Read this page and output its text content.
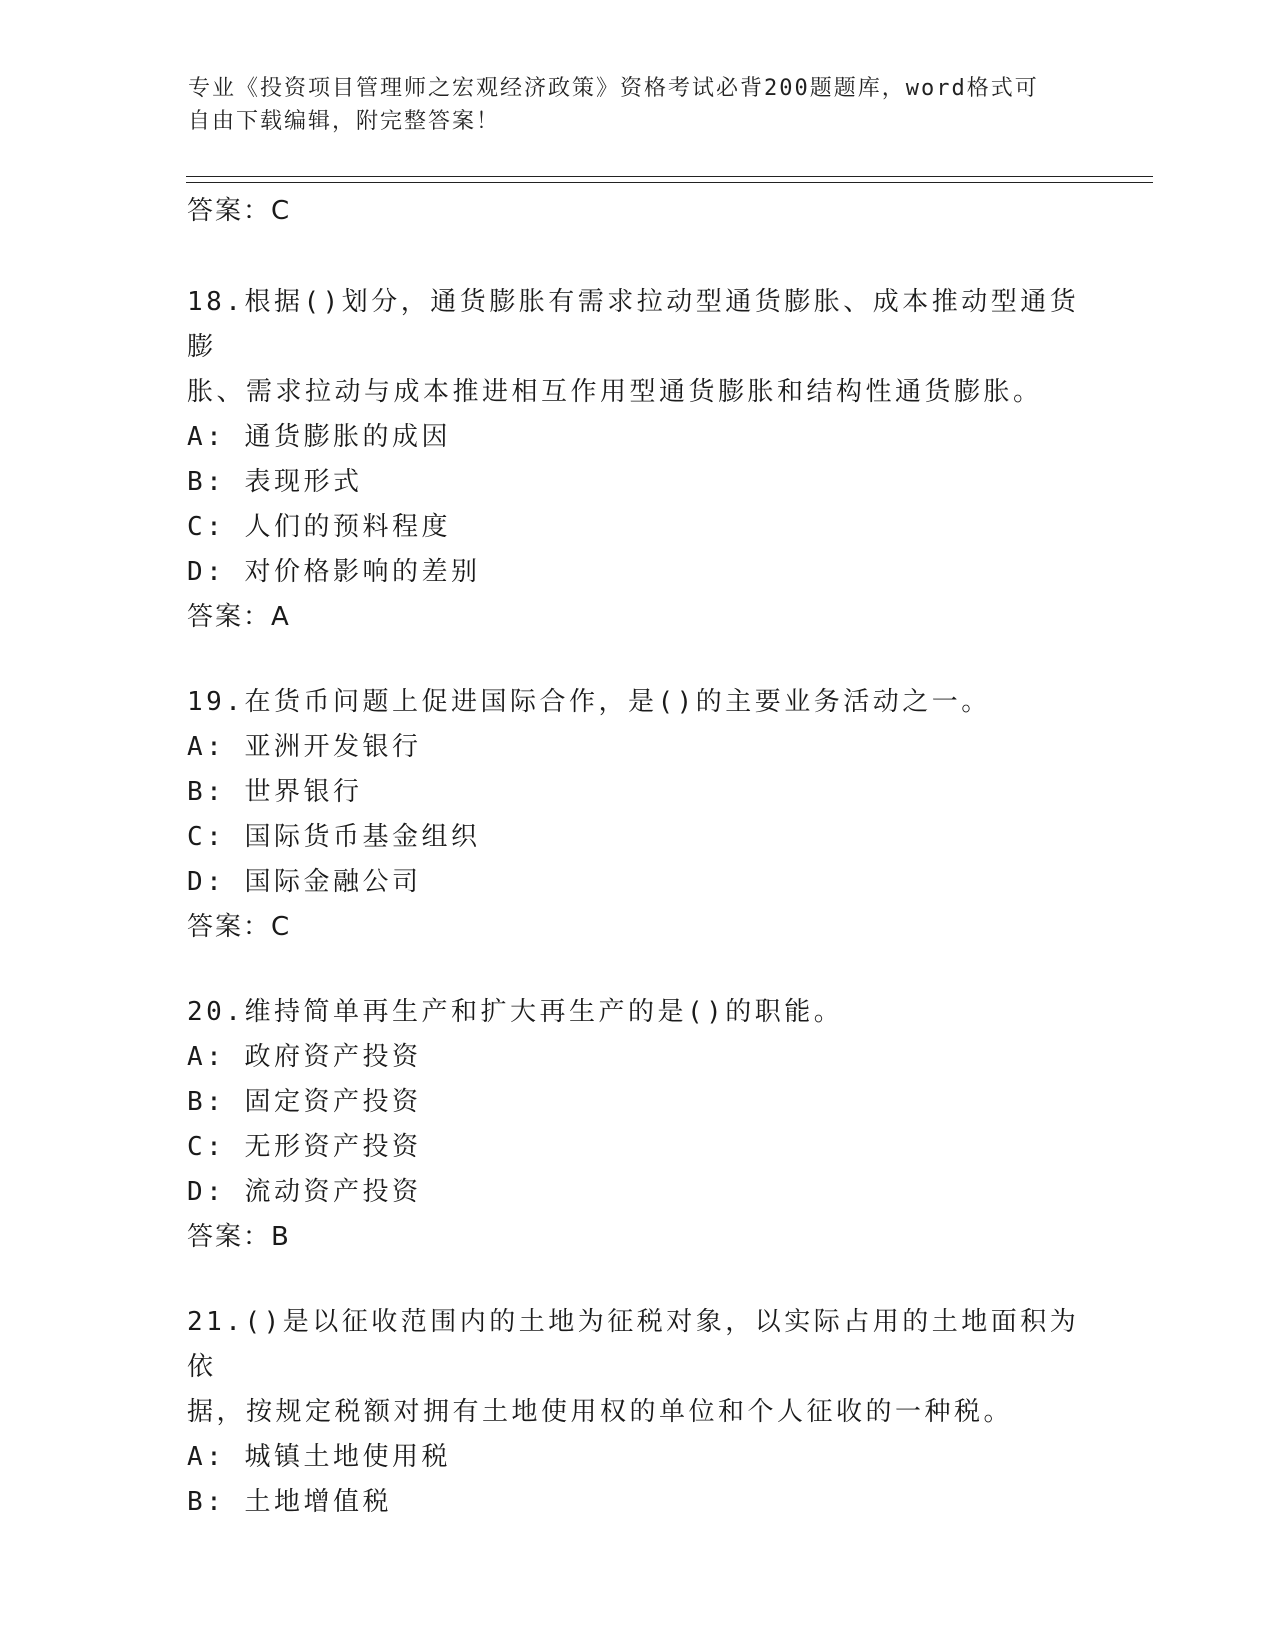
专业《投资项目管理师之宏观经济政策》资格考试必背200题题库，word格式可
自由下载编辑，附完整答案！
答案：C

18.根据()划分，通货膨胀有需求拉动型通货膨胀、成本推动型通货膨

胀、需求拉动与成本推进相互作用型通货膨胀和结构性通货膨胀。

A: 通货膨胀的成因

B: 表现形式

C: 人们的预料程度

D: 对价格影响的差别

答案：A

19.在货币问题上促进国际合作，是()的主要业务活动之一。

A: 亚洲开发银行

B: 世界银行

C: 国际货币基金组织

D: 国际金融公司

答案：C

20.维持简单再生产和扩大再生产的是()的职能。

A: 政府资产投资

B: 固定资产投资

C: 无形资产投资

D: 流动资产投资

答案：B

21.()是以征收范围内的土地为征税对象，以实际占用的土地面积为依

据，按规定税额对拥有土地使用权的单位和个人征收的一种税。

A: 城镇土地使用税

B: 土地增值税
